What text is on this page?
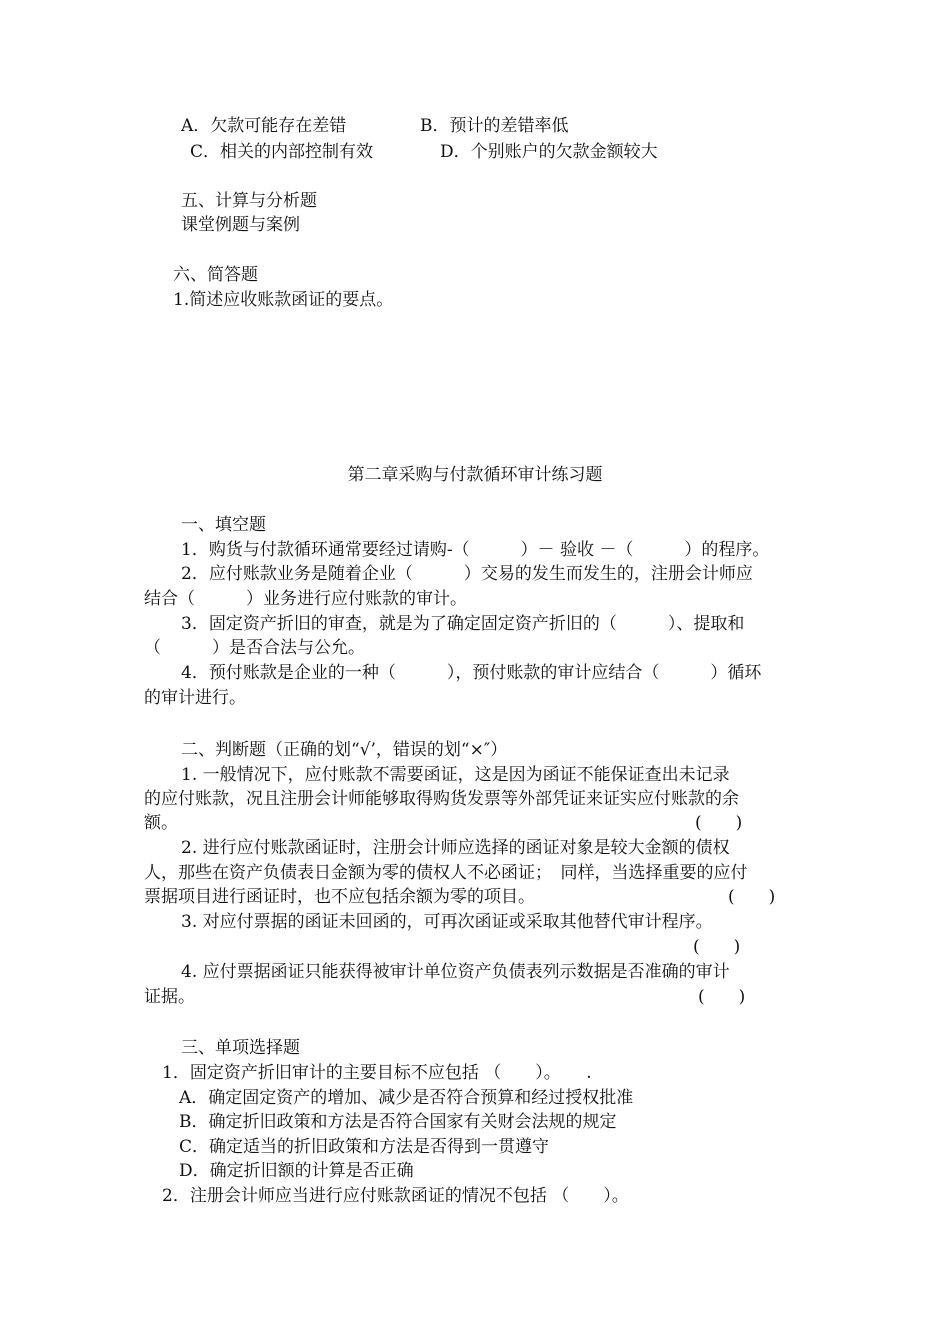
A．欠款可能存在差错	B．预计的差错率低
C．相关的内部控制有效	D．个别账户的欠款金额较大
五、计算与分析题
课堂例题与案例
六、简答题
1.简述应收账款函证的要点。
第二章采购与付款循环审计练习题
一、填空题
1．购货与付款循环通常要经过请购-（　　　）－ 验收 －（　　　）的程序。
2．应付账款业务是随着企业（　　　）交易的发生而发生的，注册会计师应
结合（　　　）业务进行应付账款的审计。
3．固定资产折旧的审查，就是为了确定固定资产折旧的（　　　）、提取和
（　　　）是否合法与公允。
4．预付账款是企业的一种（　　　），预付账款的审计应结合（　　　）循环
的审计进行。
二、判断题（正确的划“√’，错误的划“×″）
1. 一般情况下，应付账款不需要函证，这是因为函证不能保证查出未记录
的应付账款，况且注册会计师能够取得购货发票等外部凭证来证实应付账款的余
额。	(　　)
2. 进行应付账款函证时，注册会计师应选择的函证对象是较大金额的债权
人，那些在资产负债表日金额为零的债权人不必函证；　同样，当选择重要的应付
票据项目进行函证时，也不应包括余额为零的项目。	(　　)
3. 对应付票据的函证未回函的，可再次函证或采取其他替代审计程序。
(　　)
4. 应付票据函证只能获得被审计单位资产负债表列示数据是否准确的审计
证据。	(　　)
三、单项选择题
1．固定资产折旧审计的主要目标不应包括 （　　）。　　.
A．确定固定资产的增加、减少是否符合预算和经过授权批准
B．确定折旧政策和方法是否符合国家有关财会法规的规定
C．确定适当的折旧政策和方法是否得到一贯遵守
D．确定折旧额的计算是否正确
2．注册会计师应当进行应付账款函证的情况不包括 （　　）。
